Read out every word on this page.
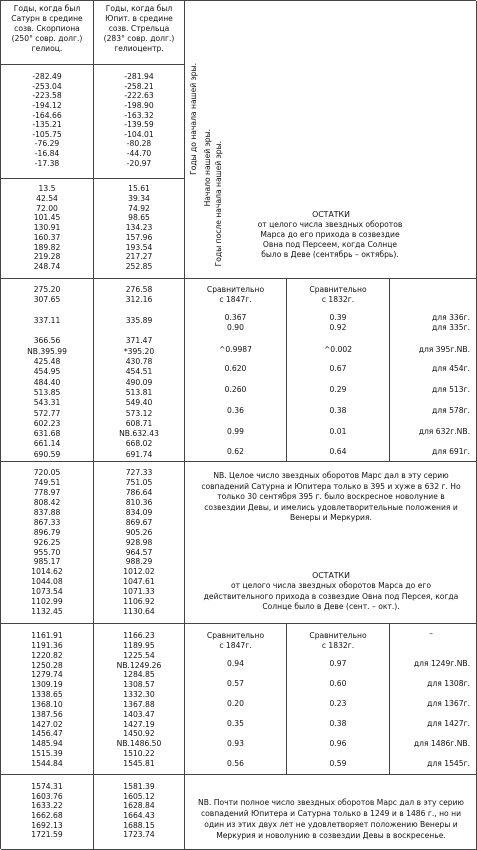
Годы, когда был
Сатурн в средине
созв. Скорпиона
(250° совр. долг.)
гелиоц.
Годы, когда был
Юпит. в средине
созв. Стрельца
(283° совр. долг.)
гелиоцентр.
Годы до начала нашей эры. Начало нашей эры. Годы после начала нашей эры.
-282.49
-253.04
-223.58
-194.12
-164.66
-135.21
-105.75
-76.29
-16.84
-17.38
-281.94
-258.21
-222.63
-198.90
-163.32
-139.59
-104.01
-80.28
-44.70
-20.97
13.5
42.54
72.00
101.45
130.91
160.37
189.82
219.28
248.74
15.61
39.34
74.92
98.65
134.23
157.96
193.54
217.27
252.85
ОСТАТКИ
от целого числа звездных оборотов
Марса до его прихода в созвездие
Овна под Персеем, когда Солнце
было в Деве (сентябрь – октябрь).
275.20
307.65
337.11
366.56
NB.395.99
425.48
454.95
484.40
513.85
543.31
572.77
602.23
631.68
661.14
690.59
276.58
312.16
335.89
371.47
*395.20
430.78
454.51
490.09
513.81
549.40
573.12
608.71
NB.632.43
668.02
691.74
Сравнительно
с 1847г.
Сравнительно
с 1832г.
0.367
0.90
^0.9987
0.620
0.260
0.36
0.99
0.62
0.39
0.92
^0.002
0.67
0.29
0.38
0.01
0.64
для 336г.
для 335г.
для 395г.NB.
для 454г.
для 513г.
для 578г.
для 632г.NB.
для 691г.
720.05
749.51
778.97
808.42
837.88
867.33
896.79
926.25
955.70
985.17
1014.62
1044.08
1073.54
1102.99
1132.45
727.33
751.05
786.64
810.36
834.09
869.67
905.26
928.98
964.57
988.29
1012.02
1047.61
1071.33
1106.92
1130.64
NB. Целое число звездных оборотов Марс дал в эту серию
совпадений Сатурна и Юпитера только в 395 и хуже в 632 г. Но
только 30 сентября 395 г. было воскресное новолуние в
созвездии Девы, и имелись удовлетворительные положения и
Венеры и Меркурия.
ОСТАТКИ
от целого числа звездных оборотов Марса до его
действительного прихода в созвездие Овна под Персея, когда
Солнце было в Деве (сент. – окт.).
1161.91
1191.36
1220.82
1250.28
1279.74
1309.19
1338.65
1368.10
1387.56
1427.02
1456.47
1485.94
1515.39
1544.84
1166.23
1189.95
1225.54
NB.1249.26
1284.85
1308.57
1332.30
1367.88
1403.47
1427.19
1450.92
NB.1486.50
1510.22
1545.81
Сравнительно
с 1847г.
Сравнительно
с 1832г.
–
0.94
0.57
0.20
0.35
0.93
0.56
0.97
0.60
0.23
0.38
0.96
0.59
для 1249г.NB.
для 1308г.
для 1367г.
для 1427г.
для 1486г.NB.
для 1545г.
1574.31
1603.76
1633.22
1662.68
1692.13
1721.59
1581.39
1605.12
1628.84
1664.43
1688.15
1723.74
NB. Почти полное число звездных оборотов Марс дал в эту серию
совпадений Юпитера и Сатурна только в 1249 и в 1486 г., но ни
один из этих двух лет не удовлетворяет положению Венеры и
Меркурия и новолунию в созвездии Девы в воскресенье.
